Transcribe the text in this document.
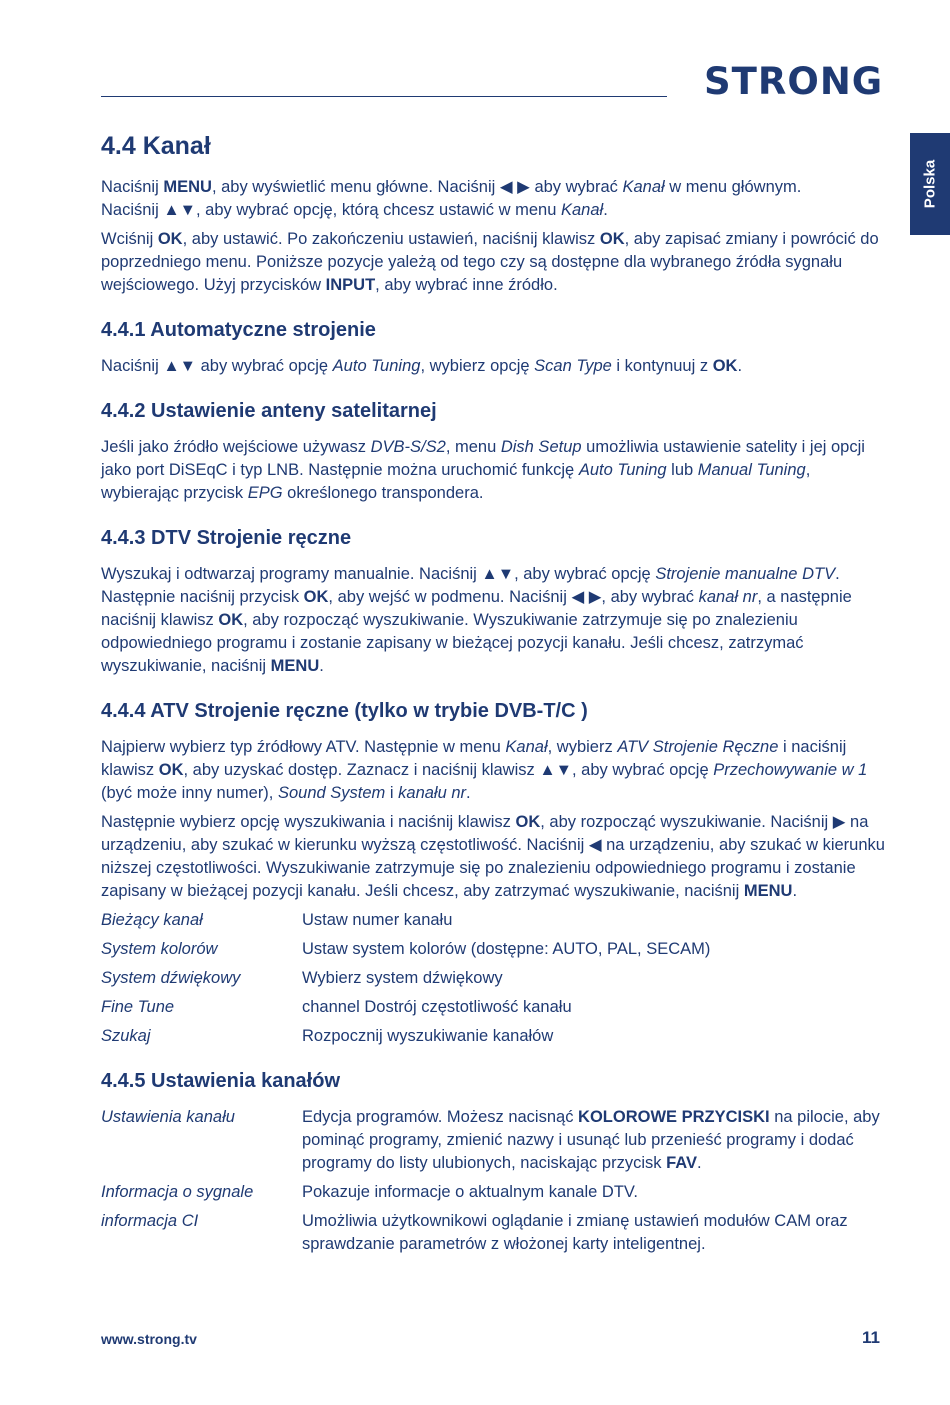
STRONG
Polska
4.4 Kanał

Naciśnij MENU, aby wyświetlić menu główne. Naciśnij ◀ ▶ aby wybrać Kanał w menu głównym.
Naciśnij ▲▼, aby wybrać opcję, którą chcesz ustawić w menu Kanał.

Wciśnij OK, aby ustawić. Po zakończeniu ustawień, naciśnij klawisz OK, aby zapisać zmiany i powrócić do poprzedniego menu. Poniższe pozycje yależą od tego czy są dostępne dla wybranego źródła sygnału wejściowego. Użyj przycisków INPUT, aby wybrać inne źródło.

4.4.1 Automatyczne strojenie

Naciśnij ▲▼ aby wybrać opcję Auto Tuning, wybierz opcję Scan Type i kontynuuj z OK.

4.4.2 Ustawienie anteny satelitarnej

Jeśli jako źródło wejściowe używasz DVB-S/S2, menu Dish Setup umożliwia ustawienie satelity i jej opcji jako port DiSEqC i typ LNB. Następnie można uruchomić funkcję Auto Tuning lub Manual Tuning, wybierając przycisk EPG określonego transpondera.

4.4.3 DTV Strojenie ręczne

Wyszukaj i odtwarzaj programy manualnie. Naciśnij ▲▼, aby wybrać opcję Strojenie manualne DTV.
Następnie naciśnij przycisk OK, aby wejść w podmenu. Naciśnij ◀ ▶, aby wybrać kanał nr, a następnie naciśnij klawisz OK, aby rozpocząć wyszukiwanie. Wyszukiwanie zatrzymuje się po znalezieniu odpowiedniego programu i zostanie zapisany w bieżącej pozycji kanału. Jeśli chcesz, zatrzymać wyszukiwanie, naciśnij MENU.

4.4.4 ATV Strojenie ręczne (tylko w trybie DVB-T/C )

Najpierw wybierz typ źródłowy ATV. Następnie w menu Kanał, wybierz ATV Strojenie Ręczne i naciśnij klawisz OK, aby uzyskać dostęp. Zaznacz i naciśnij klawisz ▲▼, aby wybrać opcję Przechowywanie w 1 (być może inny numer), Sound System i kanału nr.

Następnie wybierz opcję wyszukiwania i naciśnij klawisz OK, aby rozpocząć wyszukiwanie. Naciśnij ▶ na urządzeniu, aby szukać w kierunku wyższą częstotliwość. Naciśnij ◀ na urządzeniu, aby szukać w kierunku niższej częstotliwości. Wyszukiwanie zatrzymuje się po znalezieniu odpowiedniego programu i zostanie zapisany w bieżącej pozycji kanału. Jeśli chcesz, aby zatrzymać wyszukiwanie, naciśnij MENU.

Bieżący kanał	Ustaw numer kanału
System kolorów	Ustaw system kolorów (dostępne: AUTO, PAL, SECAM)
System dźwiękowy	Wybierz system dźwiękowy
Fine Tune	channel Dostrój częstotliwość kanału
Szukaj	Rozpocznij wyszukiwanie kanałów
4.4.5 Ustawienia kanałów
Ustawienia kanału	Edycja programów. Możesz nacisnąć KOLOROWE PRZYCISKI na pilocie, aby pominąć programy, zmienić nazwy i usunąć lub przenieść programy i dodać programy do listy ulubionych, naciskając przycisk FAV.
Informacja o sygnale	Pokazuje informacje o aktualnym kanale DTV.
informacja CI	Umożliwia użytkownikowi oglądanie i zmianę ustawień modułów CAM oraz sprawdzanie parametrów z włożonej karty inteligentnej.
www.strong.tv	11
